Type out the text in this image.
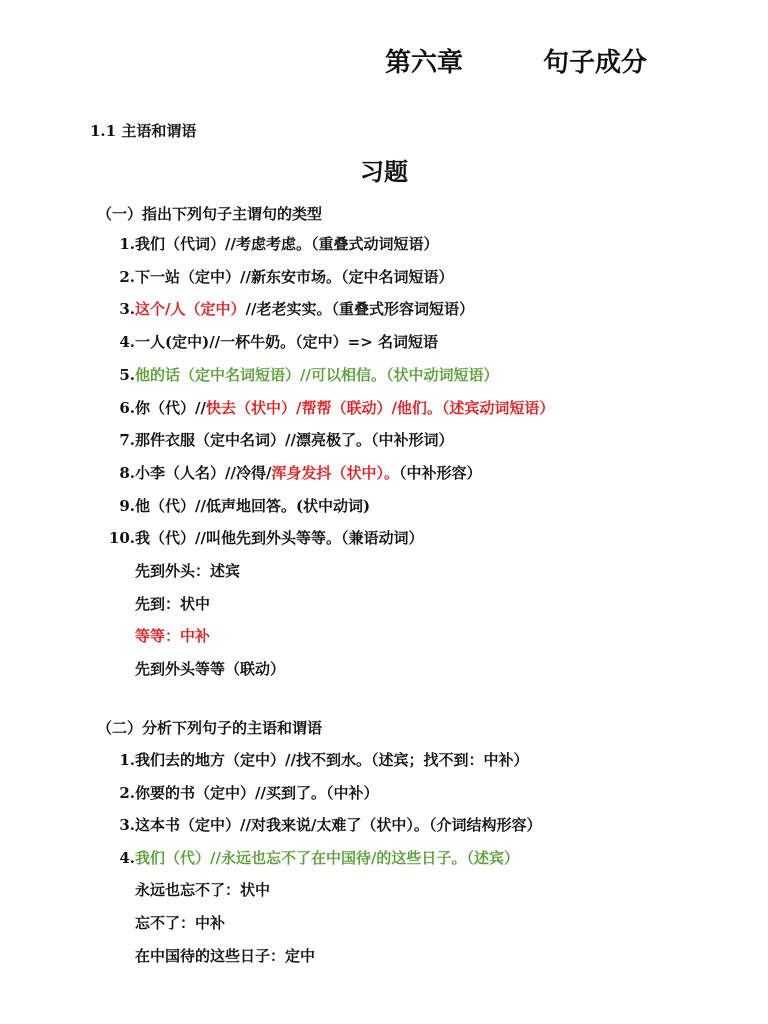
第六章	句子成分
1.1 主语和谓语
习题
（一）指出下列句子主谓句的类型
1.我们（代词）//考虑考虑。（重叠式动词短语）
2.下一站（定中）//新东安市场。（定中名词短语）
3.这个/人（定中）//老老实实。（重叠式形容词短语）
4.一人(定中)//一杯牛奶。（定中）=> 名词短语
5.他的话（定中名词短语）//可以相信。（状中动词短语）
6.你（代）//快去（状中）/帮帮（联动）/他们。（述宾动词短语）
7.那件衣服（定中名词）//漂亮极了。（中补形词）
8.小李（人名）//冷得/浑身发抖（状中）。（中补形容）
9.他（代）//低声地回答。(状中动词)
10.我（代）//叫他先到外头等等。（兼语动词）
先到外头：述宾
先到：状中
等等：中补
先到外头等等（联动）
（二）分析下列句子的主语和谓语
1.我们去的地方（定中）//找不到水。（述宾；找不到：中补）
2.你要的书（定中）//买到了。（中补）
3.这本书（定中）//对我来说/太难了（状中）。（介词结构形容）
4.我们（代）//永远也忘不了在中国待/的这些日子。（述宾）
永远也忘不了：状中
忘不了：中补
在中国待的这些日子：定中
